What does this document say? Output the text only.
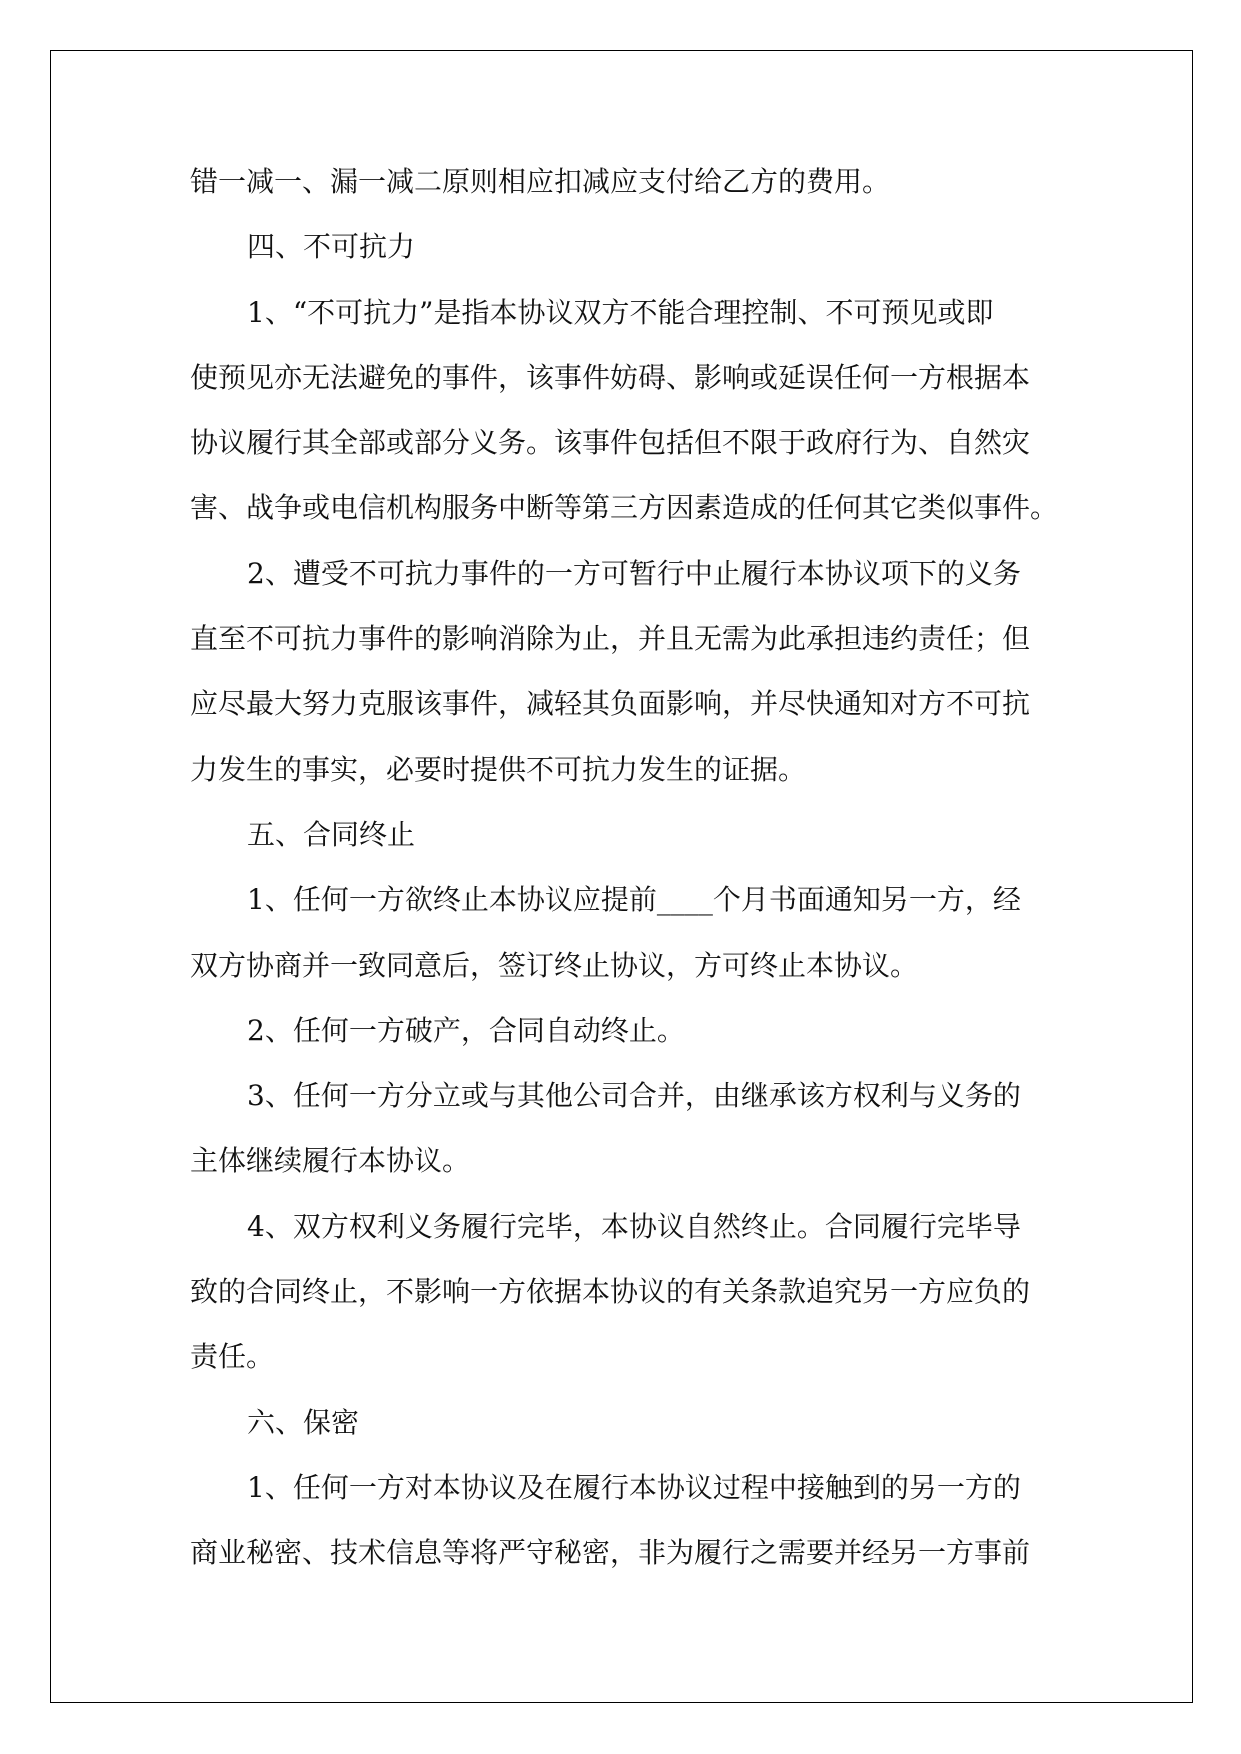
错一减一、漏一减二原则相应扣减应支付给乙方的费用。
四、不可抗力
1、“不可抗力”是指本协议双方不能合理控制、不可预见或即
使预见亦无法避免的事件，该事件妨碍、影响或延误任何一方根据本
协议履行其全部或部分义务。该事件包括但不限于政府行为、自然灾
害、战争或电信机构服务中断等第三方因素造成的任何其它类似事件。
2、遭受不可抗力事件的一方可暂行中止履行本协议项下的义务
直至不可抗力事件的影响消除为止，并且无需为此承担违约责任；但
应尽最大努力克服该事件，减轻其负面影响，并尽快通知对方不可抗
力发生的事实，必要时提供不可抗力发生的证据。
五、合同终止
1、任何一方欲终止本协议应提前____个月书面通知另一方，经
双方协商并一致同意后，签订终止协议，方可终止本协议。
2、任何一方破产，合同自动终止。
3、任何一方分立或与其他公司合并，由继承该方权利与义务的
主体继续履行本协议。
4、双方权利义务履行完毕，本协议自然终止。合同履行完毕导
致的合同终止，不影响一方依据本协议的有关条款追究另一方应负的
责任。
六、保密
1、任何一方对本协议及在履行本协议过程中接触到的另一方的
商业秘密、技术信息等将严守秘密，非为履行之需要并经另一方事前
